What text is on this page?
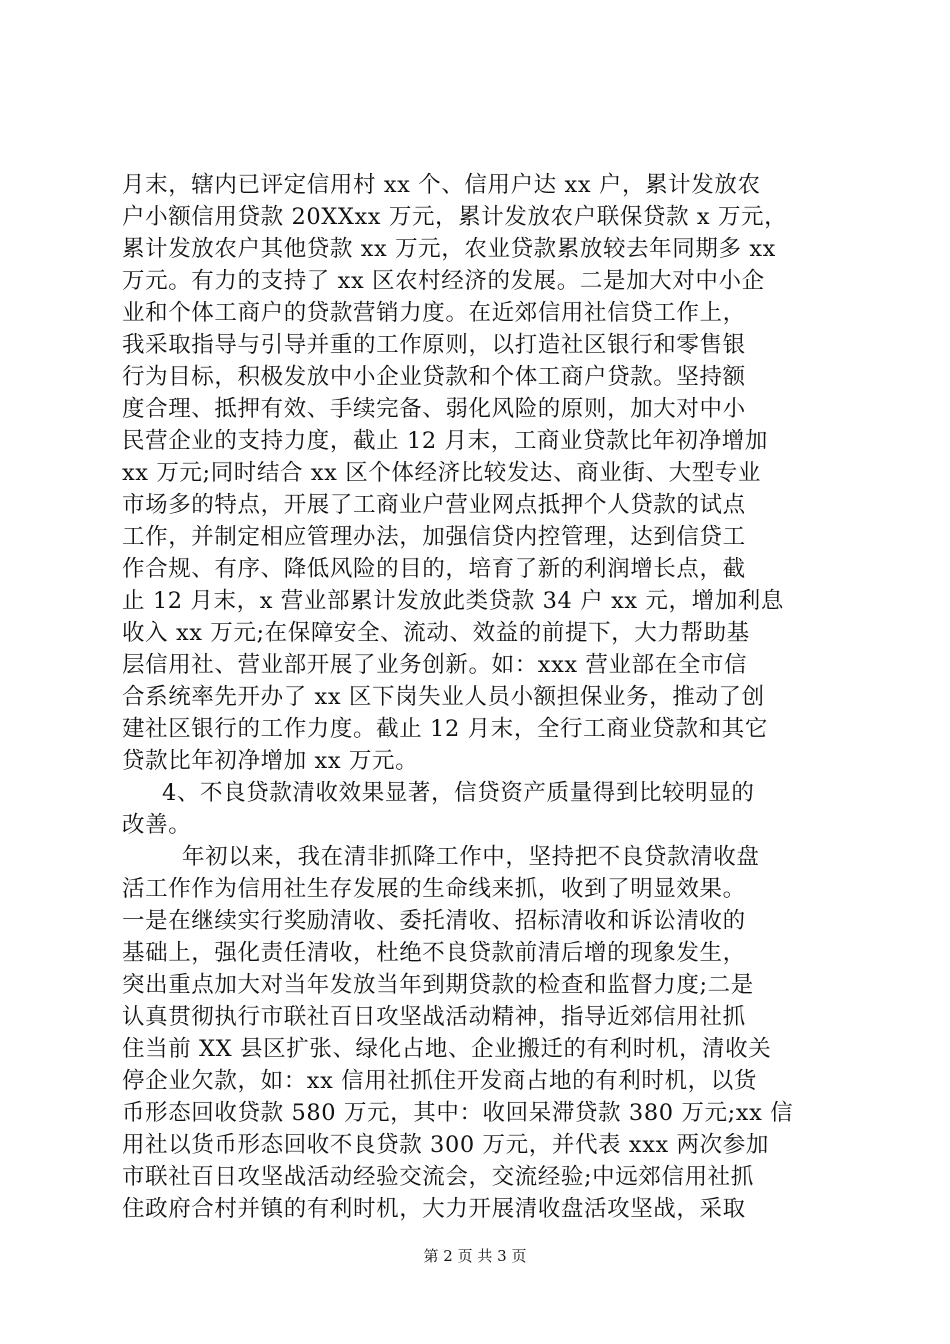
月末，辖内已评定信用村 xx 个、信用户达 xx 户，累计发放农
户小额信用贷款 20XXxx 万元，累计发放农户联保贷款 x 万元，
累计发放农户其他贷款 xx 万元，农业贷款累放较去年同期多 xx
万元。有力的支持了 xx 区农村经济的发展。二是加大对中小企
业和个体工商户的贷款营销力度。在近郊信用社信贷工作上，
我采取指导与引导并重的工作原则，以打造社区银行和零售银
行为目标，积极发放中小企业贷款和个体工商户贷款。坚持额
度合理、抵押有效、手续完备、弱化风险的原则，加大对中小
民营企业的支持力度，截止 12 月末，工商业贷款比年初净增加
xx 万元;同时结合 xx 区个体经济比较发达、商业街、大型专业
市场多的特点，开展了工商业户营业网点抵押个人贷款的试点
工作，并制定相应管理办法，加强信贷内控管理，达到信贷工
作合规、有序、降低风险的目的，培育了新的利润增长点，截
止 12 月末，x 营业部累计发放此类贷款 34 户 xx 元，增加利息
收入 xx 万元;在保障安全、流动、效益的前提下，大力帮助基
层信用社、营业部开展了业务创新。如：xxx 营业部在全市信
合系统率先开办了 xx 区下岗失业人员小额担保业务，推动了创
建社区银行的工作力度。截止 12 月末，全行工商业贷款和其它
贷款比年初净增加 xx 万元。
4、不良贷款清收效果显著，信贷资产质量得到比较明显的
改善。
年初以来，我在清非抓降工作中，坚持把不良贷款清收盘
活工作作为信用社生存发展的生命线来抓，收到了明显效果。
一是在继续实行奖励清收、委托清收、招标清收和诉讼清收的
基础上，强化责任清收，杜绝不良贷款前清后增的现象发生，
突出重点加大对当年发放当年到期贷款的检查和监督力度;二是
认真贯彻执行市联社百日攻坚战活动精神，指导近郊信用社抓
住当前 XX 县区扩张、绿化占地、企业搬迁的有利时机，清收关
停企业欠款，如：xx 信用社抓住开发商占地的有利时机，以货
币形态回收贷款 580 万元，其中：收回呆滞贷款 380 万元;xx 信
用社以货币形态回收不良贷款 300 万元，并代表 xxx 两次参加
市联社百日攻坚战活动经验交流会，交流经验;中远郊信用社抓
住政府合村并镇的有利时机，大力开展清收盘活攻坚战，采取
第 2 页 共 3 页
